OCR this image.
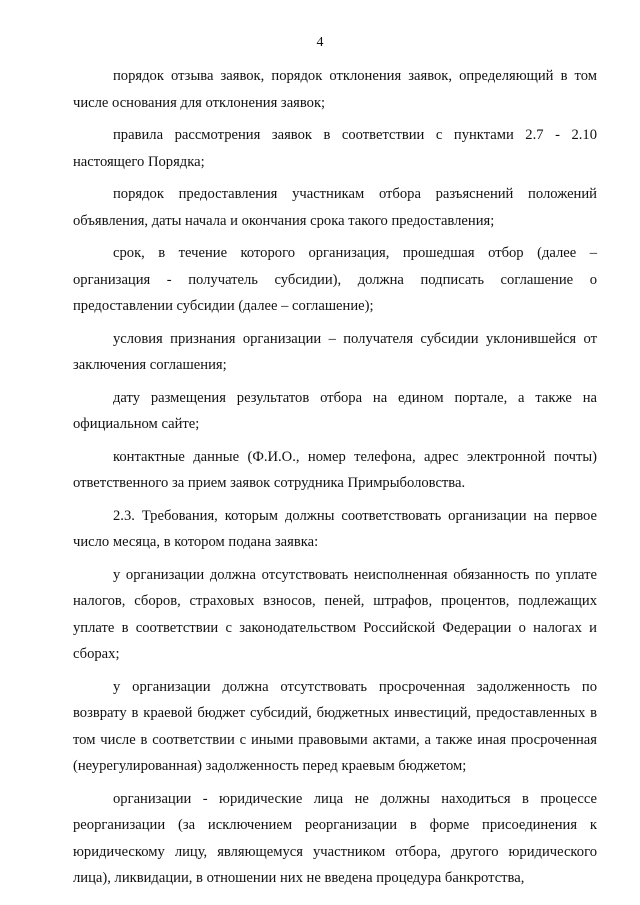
4

порядок отзыва заявок, порядок отклонения заявок, определяющий в том числе основания для отклонения заявок;

правила рассмотрения заявок в соответствии с пунктами 2.7 - 2.10 настоящего Порядка;

порядок предоставления участникам отбора разъяснений положений объявления, даты начала и окончания срока такого предоставления;

срок, в течение которого организация, прошедшая отбор (далее – организация - получатель субсидии), должна подписать соглашение о предоставлении субсидии (далее – соглашение);

условия признания организации – получателя субсидии уклонившейся от заключения соглашения;

дату размещения результатов отбора на едином портале, а также на официальном сайте;

контактные данные (Ф.И.О., номер телефона, адрес электронной почты) ответственного за прием заявок сотрудника Примрыболовства.

2.3. Требования, которым должны соответствовать организации на первое число месяца, в котором подана заявка:

у организации должна отсутствовать неисполненная обязанность по уплате налогов, сборов, страховых взносов, пеней, штрафов, процентов, подлежащих уплате в соответствии с законодательством Российской Федерации о налогах и сборах;

у организации должна отсутствовать просроченная задолженность по возврату в краевой бюджет субсидий, бюджетных инвестиций, предоставленных в том числе в соответствии с иными правовыми актами, а также иная просроченная (неурегулированная) задолженность перед краевым бюджетом;

организации - юридические лица не должны находиться в процессе реорганизации (за исключением реорганизации в форме присоединения к юридическому лицу, являющемуся участником отбора, другого юридического лица), ликвидации, в отношении них не введена процедура банкротства,
